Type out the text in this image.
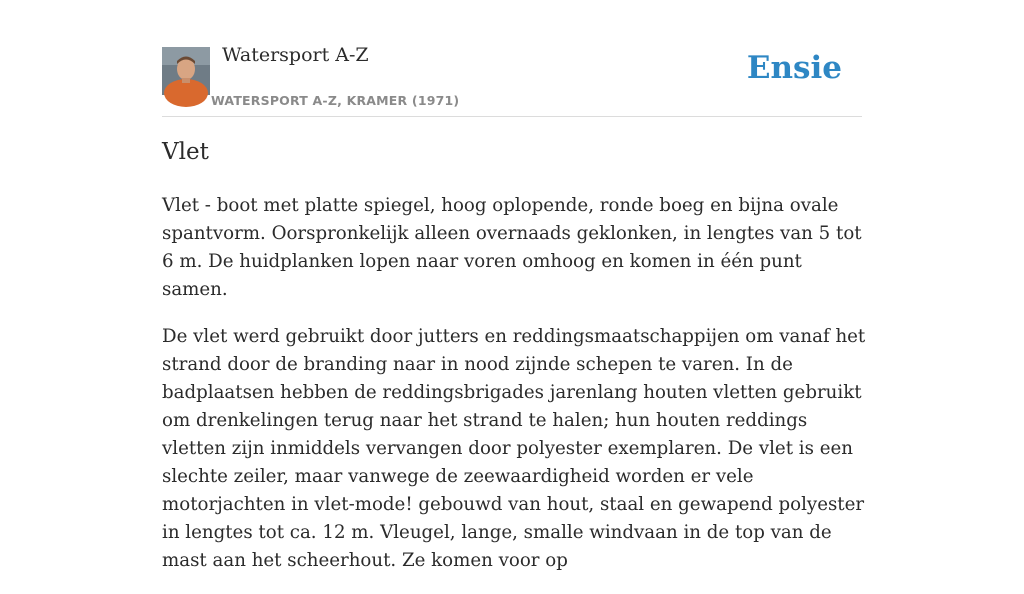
Watersport A-Z
WATERSPORT A-Z, KRAMER (1971)
Ensie
Vlet

Vlet - boot met platte spiegel, hoog oplopende, ronde boeg en bijna ovale spantvorm. Oorspronkelijk alleen overnaads geklonken, in lengtes van 5 tot 6 m. De huidplanken lopen naar voren omhoog en komen in één punt samen.

De vlet werd gebruikt door jutters en reddingsmaatschappijen om vanaf het strand door de branding naar in nood zijnde schepen te varen. In de badplaatsen hebben de reddingsbrigades jarenlang houten vletten gebruikt om drenkelingen terug naar het strand te halen; hun houten reddings vletten zijn inmiddels vervangen door polyester exemplaren. De vlet is een slechte zeiler, maar vanwege de zeewaardigheid worden er vele motorjachten in vlet-mode! gebouwd van hout, staal en gewapend polyester in lengtes tot ca. 12 m. Vleugel, lange, smalle windvaan in de top van de mast aan het scheerhout. Ze komen voor op
